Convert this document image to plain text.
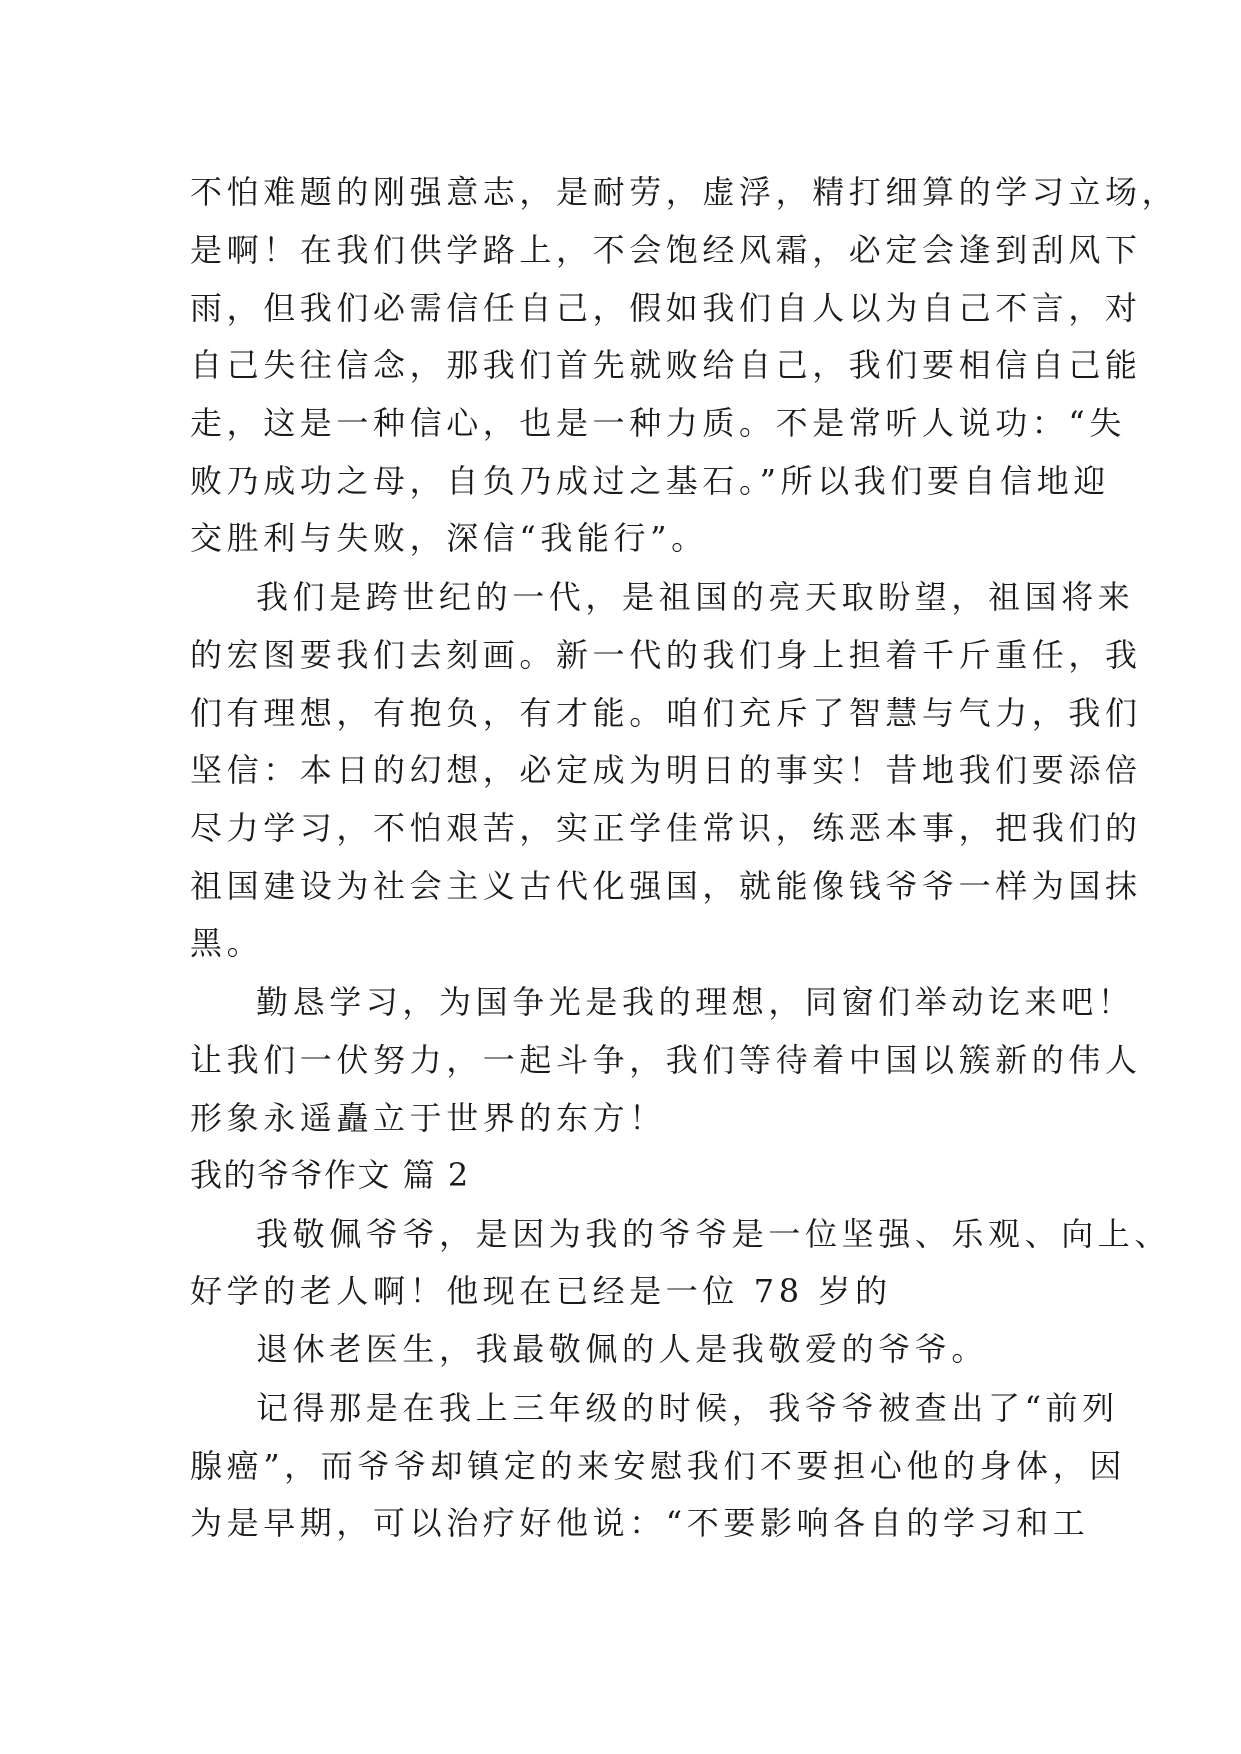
不怕难题的刚强意志，是耐劳，虚浮，精打细算的学习立场，
是啊！在我们供学路上，不会饱经风霜，必定会逢到刮风下
雨，但我们必需信任自己，假如我们自人以为自己不言，对
自己失往信念，那我们首先就败给自己，我们要相信自己能
走，这是一种信心，也是一种力质。不是常听人说功：“失
败乃成功之母，自负乃成过之基石。”所以我们要自信地迎
交胜利与失败，深信“我能行”。
我们是跨世纪的一代，是祖国的亮天取盼望，祖国将来
的宏图要我们去刻画。新一代的我们身上担着千斤重任，我
们有理想，有抱负，有才能。咱们充斥了智慧与气力，我们
坚信：本日的幻想，必定成为明日的事实！昔地我们要添倍
尽力学习，不怕艰苦，实正学佳常识，练恶本事，把我们的
祖国建设为社会主义古代化强国，就能像钱爷爷一样为国抹
黑。
勤恳学习，为国争光是我的理想，同窗们举动讫来吧！
让我们一伏努力，一起斗争，我们等待着中国以簇新的伟人
形象永遥矗立于世界的东方！
我的爷爷作文 篇 2
我敬佩爷爷，是因为我的爷爷是一位坚强、乐观、向上、
好学的老人啊！他现在已经是一位 78 岁的
退休老医生，我最敬佩的人是我敬爱的爷爷。
记得那是在我上三年级的时候，我爷爷被查出了“前列
腺癌”，而爷爷却镇定的来安慰我们不要担心他的身体，因
为是早期，可以治疗好他说：“不要影响各自的学习和工
